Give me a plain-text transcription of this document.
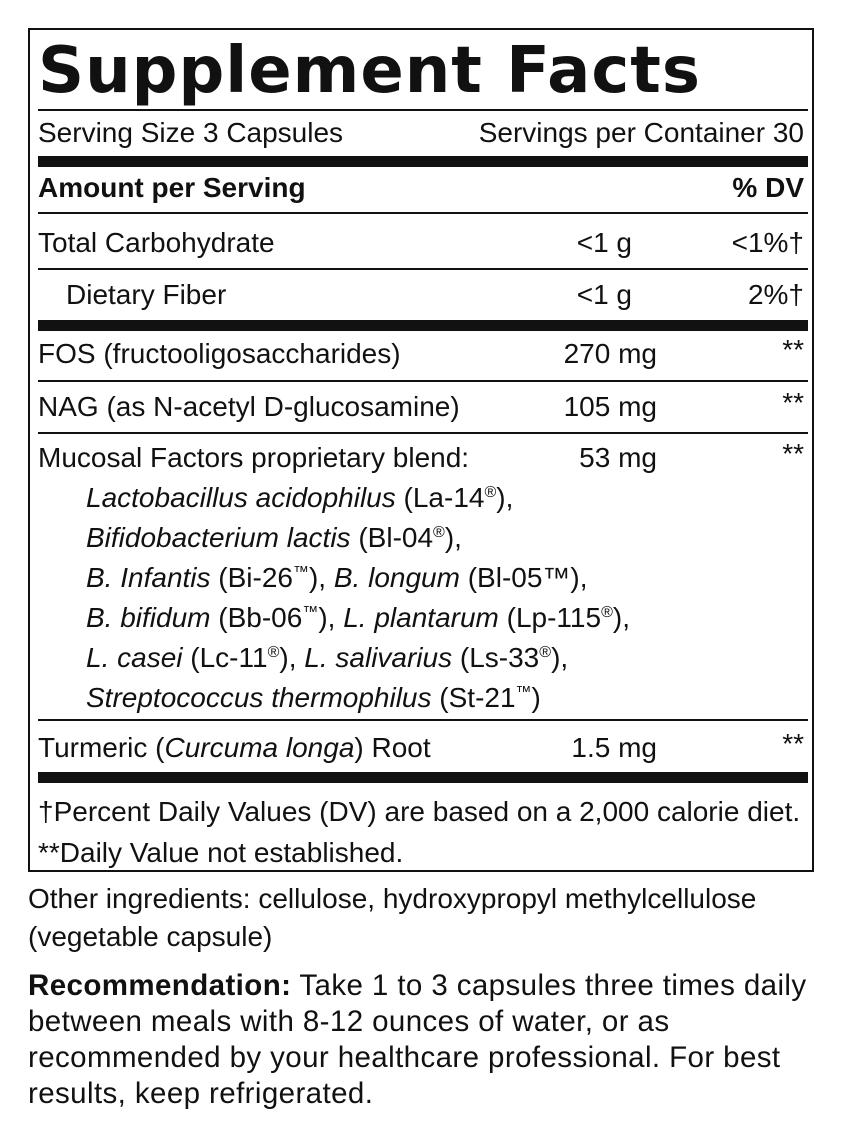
Supplement Facts
Serving Size 3 Capsules	Servings per Container 30
Amount per Serving	% DV
Total Carbohydrate	<1 g	<1%†
Dietary Fiber	<1 g	2%†
FOS (fructooligosaccharides)	270 mg	**
NAG (as N-acetyl D-glucosamine)	105 mg	**
Mucosal Factors proprietary blend:	53 mg	**
Lactobacillus acidophilus (La-14®),
Bifidobacterium lactis (Bl-04®),
B. Infantis (Bi-26™), B. longum (Bl-05™),
B. bifidum (Bb-06™), L. plantarum (Lp-115®),
L. casei (Lc-11®), L. salivarius (Ls-33®),
Streptococcus thermophilus (St-21™)
Turmeric (Curcuma longa) Root	1.5 mg	**
†Percent Daily Values (DV) are based on a 2,000 calorie diet.
**Daily Value not established.
Other ingredients: cellulose, hydroxypropyl methylcellulose
(vegetable capsule)
Recommendation: Take 1 to 3 capsules three times daily between meals with 8-12 ounces of water, or as recommended by your healthcare professional. For best results, keep refrigerated.
